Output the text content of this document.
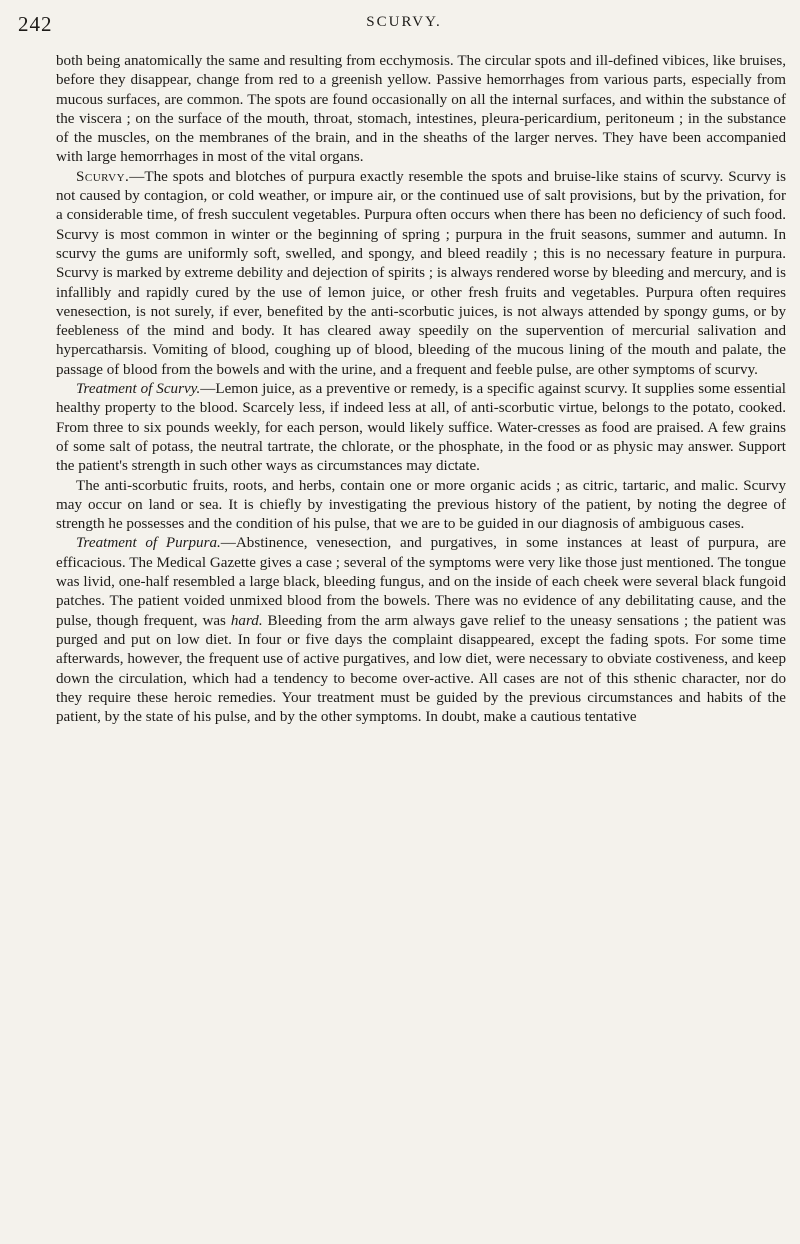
242	SCURVY.

both being anatomically the same and resulting from ecchymosis. The circular spots and ill-defined vibices, like bruises, before they disappear, change from red to a greenish yellow. Passive hemorrhages from various parts, especially from mucous surfaces, are common. The spots are found occasionally on all the internal surfaces, and within the substance of the viscera ; on the surface of the mouth, throat, stomach, intestines, pleura-pericardium, peritoneum ; in the substance of the muscles, on the membranes of the brain, and in the sheaths of the larger nerves. They have been accompanied with large hemorrhages in most of the vital organs.

Scurvy.—The spots and blotches of purpura exactly resemble the spots and bruise-like stains of scurvy. Scurvy is not caused by contagion, or cold weather, or impure air, or the continued use of salt provisions, but by the privation, for a considerable time, of fresh succulent vegetables. Purpura often occurs when there has been no deficiency of such food. Scurvy is most common in winter or the beginning of spring ; purpura in the fruit seasons, summer and autumn. In scurvy the gums are uniformly soft, swelled, and spongy, and bleed readily ; this is no necessary feature in purpura. Scurvy is marked by extreme debility and dejection of spirits ; is always rendered worse by bleeding and mercury, and is infallibly and rapidly cured by the use of lemon juice, or other fresh fruits and vegetables. Purpura often requires venesection, is not surely, if ever, benefited by the anti-scorbutic juices, is not always attended by spongy gums, or by feebleness of the mind and body. It has cleared away speedily on the supervention of mercurial salivation and hypercatharsis. Vomiting of blood, coughing up of blood, bleeding of the mucous lining of the mouth and palate, the passage of blood from the bowels and with the urine, and a frequent and feeble pulse, are other symptoms of scurvy.

Treatment of Scurvy.—Lemon juice, as a preventive or remedy, is a specific against scurvy. It supplies some essential healthy property to the blood. Scarcely less, if indeed less at all, of anti-scorbutic virtue, belongs to the potato, cooked. From three to six pounds weekly, for each person, would likely suffice. Water-cresses as food are praised. A few grains of some salt of potass, the neutral tartrate, the chlorate, or the phosphate, in the food or as physic may answer. Support the patient's strength in such other ways as circumstances may dictate.

The anti-scorbutic fruits, roots, and herbs, contain one or more organic acids ; as citric, tartaric, and malic. Scurvy may occur on land or sea. It is chiefly by investigating the previous history of the patient, by noting the degree of strength he possesses and the condition of his pulse, that we are to be guided in our diagnosis of ambiguous cases.

Treatment of Purpura.—Abstinence, venesection, and purgatives, in some instances at least of purpura, are efficacious. The Medical Gazette gives a case ; several of the symptoms were very like those just mentioned. The tongue was livid, one-half resembled a large black, bleeding fungus, and on the inside of each cheek were several black fungoid patches. The patient voided unmixed blood from the bowels. There was no evidence of any debilitating cause, and the pulse, though frequent, was hard. Bleeding from the arm always gave relief to the uneasy sensations ; the patient was purged and put on low diet. In four or five days the complaint disappeared, except the fading spots. For some time afterwards, however, the frequent use of active purgatives, and low diet, were necessary to obviate costiveness, and keep down the circulation, which had a tendency to become over-active. All cases are not of this sthenic character, nor do they require these heroic remedies. Your treatment must be guided by the previous circumstances and habits of the patient, by the state of his pulse, and by the other symptoms. In doubt, make a cautious tentative
